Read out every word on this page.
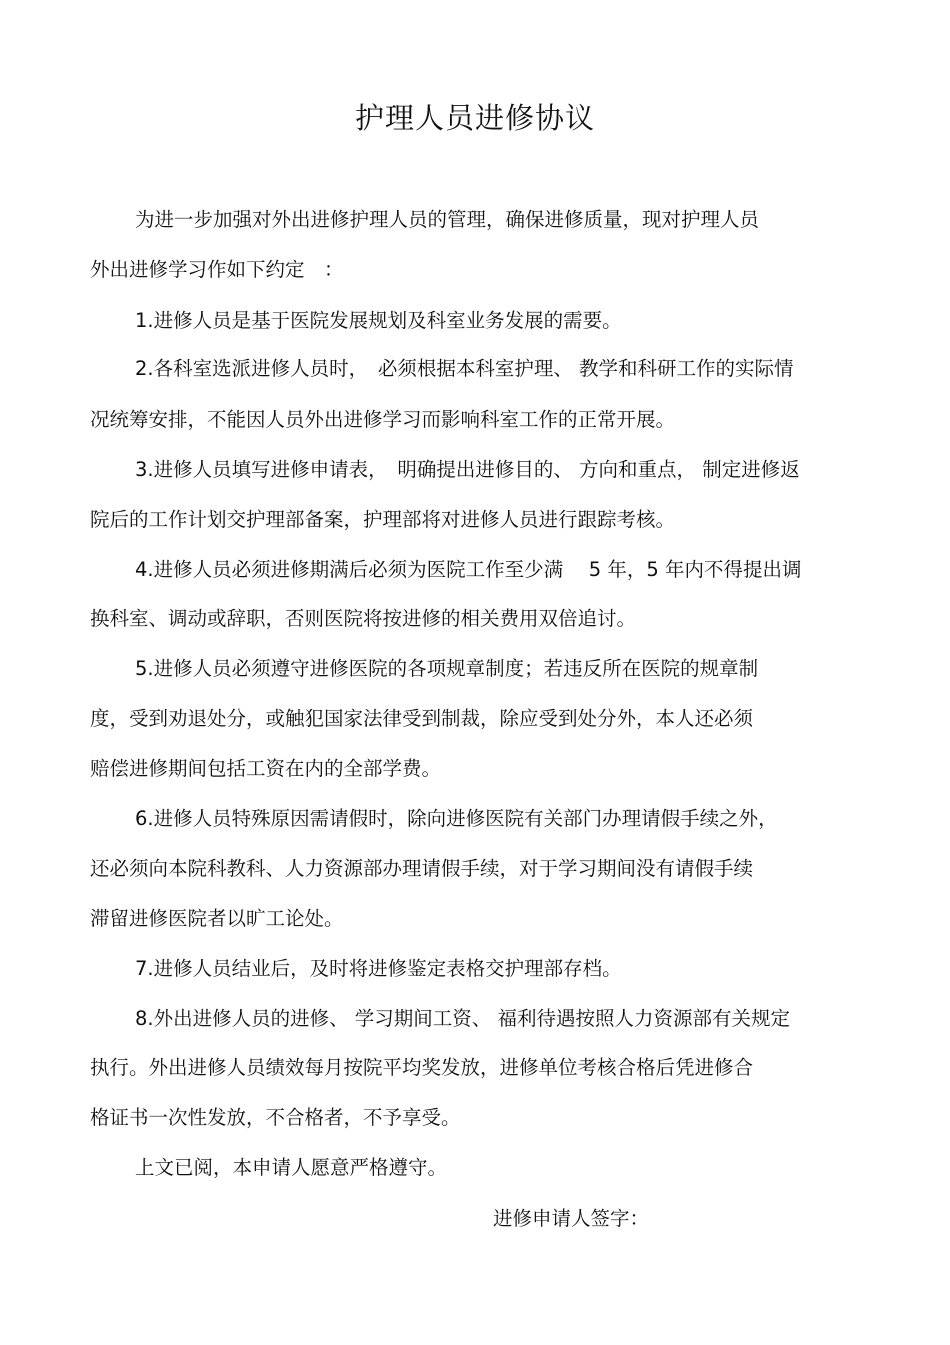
护理人员进修协议
为进一步加强对外出进修护理人员的管理，确保进修质量，现对护理人员
外出进修学习作如下约定　：
1.进修人员是基于医院发展规划及科室业务发展的需要。
2.各科室选派进修人员时，　必须根据本科室护理、 教学和科研工作的实际情
况统筹安排，不能因人员外出进修学习而影响科室工作的正常开展。
3.进修人员填写进修申请表，　明确提出进修目的、 方向和重点， 制定进修返
院后的工作计划交护理部备案，护理部将对进修人员进行跟踪考核。
4.进修人员必须进修期满后必须为医院工作至少满　 5 年，5 年内不得提出调
换科室、调动或辞职，否则医院将按进修的相关费用双倍追讨。
5.进修人员必须遵守进修医院的各项规章制度；若违反所在医院的规章制
度，受到劝退处分，或触犯国家法律受到制裁，除应受到处分外，本人还必须
赔偿进修期间包括工资在内的全部学费。
6.进修人员特殊原因需请假时，除向进修医院有关部门办理请假手续之外，
还必须向本院科教科、人力资源部办理请假手续，对于学习期间没有请假手续
滞留进修医院者以旷工论处。
7.进修人员结业后，及时将进修鉴定表格交护理部存档。
8.外出进修人员的进修、 学习期间工资、 福利待遇按照人力资源部有关规定
执行。外出进修人员绩效每月按院平均奖发放，进修单位考核合格后凭进修合
格证书一次性发放，不合格者，不予享受。
上文已阅，本申请人愿意严格遵守。
进修申请人签字：
